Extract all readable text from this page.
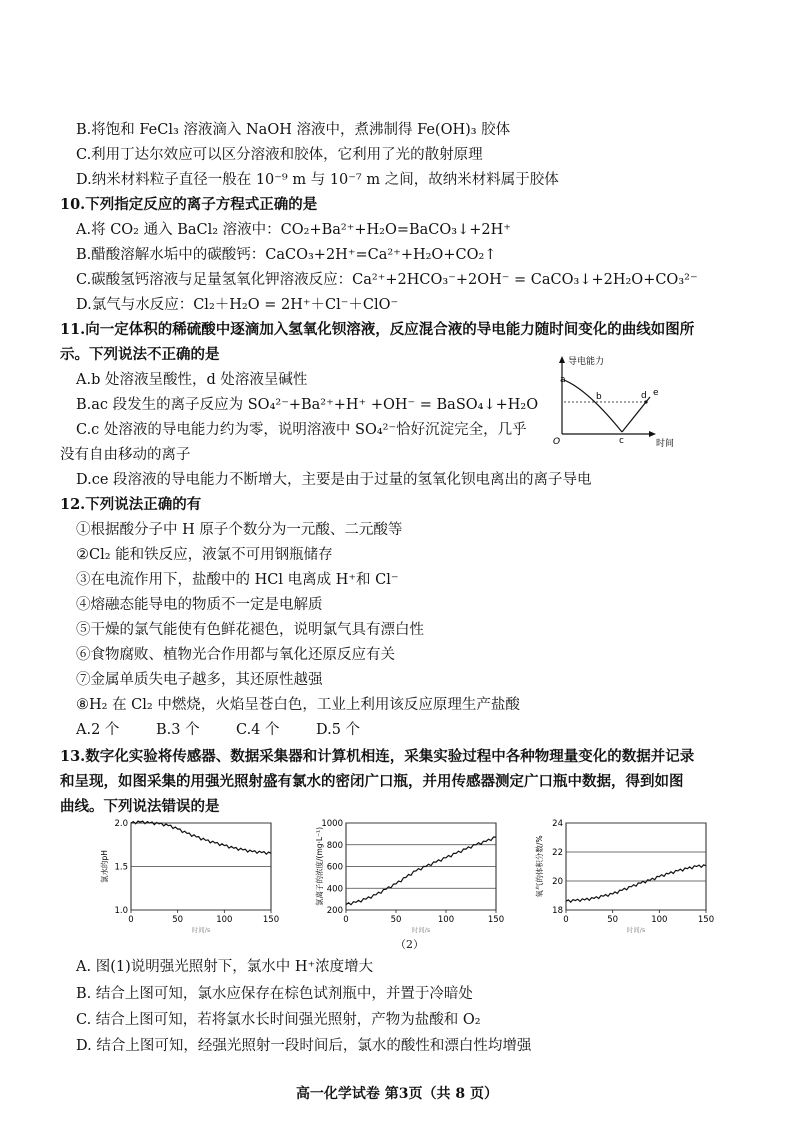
B.将饱和 FeCl₃ 溶液滴入 NaOH 溶液中，煮沸制得 Fe(OH)₃ 胶体
C.利用丁达尔效应可以区分溶液和胶体，它利用了光的散射原理
D.纳米材料粒子直径一般在 10⁻⁹ m 与 10⁻⁷ m 之间，故纳米材料属于胶体
10.下列指定反应的离子方程式正确的是
A.将 CO₂ 通入 BaCl₂ 溶液中：CO₂+Ba²⁺+H₂O=BaCO₃↓+2H⁺
B.醋酸溶解水垢中的碳酸钙：CaCO₃+2H⁺=Ca²⁺+H₂O+CO₂↑
C.碳酸氢钙溶液与足量氢氧化钾溶液反应：Ca²⁺+2HCO₃⁻+2OH⁻ = CaCO₃↓+2H₂O+CO₃²⁻
D.氯气与水反应：Cl₂＋H₂O = 2H⁺＋Cl⁻＋ClO⁻
11.向一定体积的稀硫酸中逐滴加入氢氧化钡溶液，反应混合液的导电能力随时间变化的曲线如图所
示。下列说法不正确的是
A.b 处溶液呈酸性，d 处溶液呈碱性
B.ac 段发生的离子反应为 SO₄²⁻+Ba²⁺+H⁺ +OH⁻ = BaSO₄↓+H₂O
C.c 处溶液的导电能力约为零，说明溶液中 SO₄²⁻恰好沉淀完全，几乎
没有自由移动的离子
D.ce 段溶液的导电能力不断增大，主要是由于过量的氢氧化钡电离出的离子导电
导电能力
时间
O
a
b
c
d e
12.下列说法正确的有
①根据酸分子中 H 原子个数分为一元酸、二元酸等
②Cl₂ 能和铁反应，液氯不可用钢瓶储存
③在电流作用下，盐酸中的 HCl 电离成 H⁺和 Cl⁻
④熔融态能导电的物质不一定是电解质
⑤干燥的氯气能使有色鲜花褪色，说明氯气具有漂白性
⑥食物腐败、植物光合作用都与氧化还原反应有关
⑦金属单质失电子越多，其还原性越强
⑧H₂ 在 Cl₂ 中燃烧，火焰呈苍白色，工业上利用该反应原理生产盐酸
A.2 个	B.3 个	C.4 个	D.5 个
13.数字化实验将传感器、数据采集器和计算机相连，采集实验过程中各种物理量变化的数据并记录
和呈现，如图采集的用强光照射盛有氯水的密闭广口瓶，并用传感器测定广口瓶中数据，得到如图
曲线。下列说法错误的是
1.0
1.5
2.0
0	50	100	150
氯水的pH
时间/s
200
400
600
800
1000
0	50	100	150
氯离子的浓度/(mg·L⁻¹)
时间/s
18
20
22
24
0	50	100	150
氧气的体积分数/%
时间/s
（2）
A. 图(1)说明强光照射下，氯水中 H⁺浓度增大
B. 结合上图可知，氯水应保存在棕色试剂瓶中，并置于冷暗处
C. 结合上图可知，若将氯水长时间强光照射，产物为盐酸和 O₂
D. 结合上图可知，经强光照射一段时间后，氯水的酸性和漂白性均增强
高一化学试卷 第3页（共 8 页）
